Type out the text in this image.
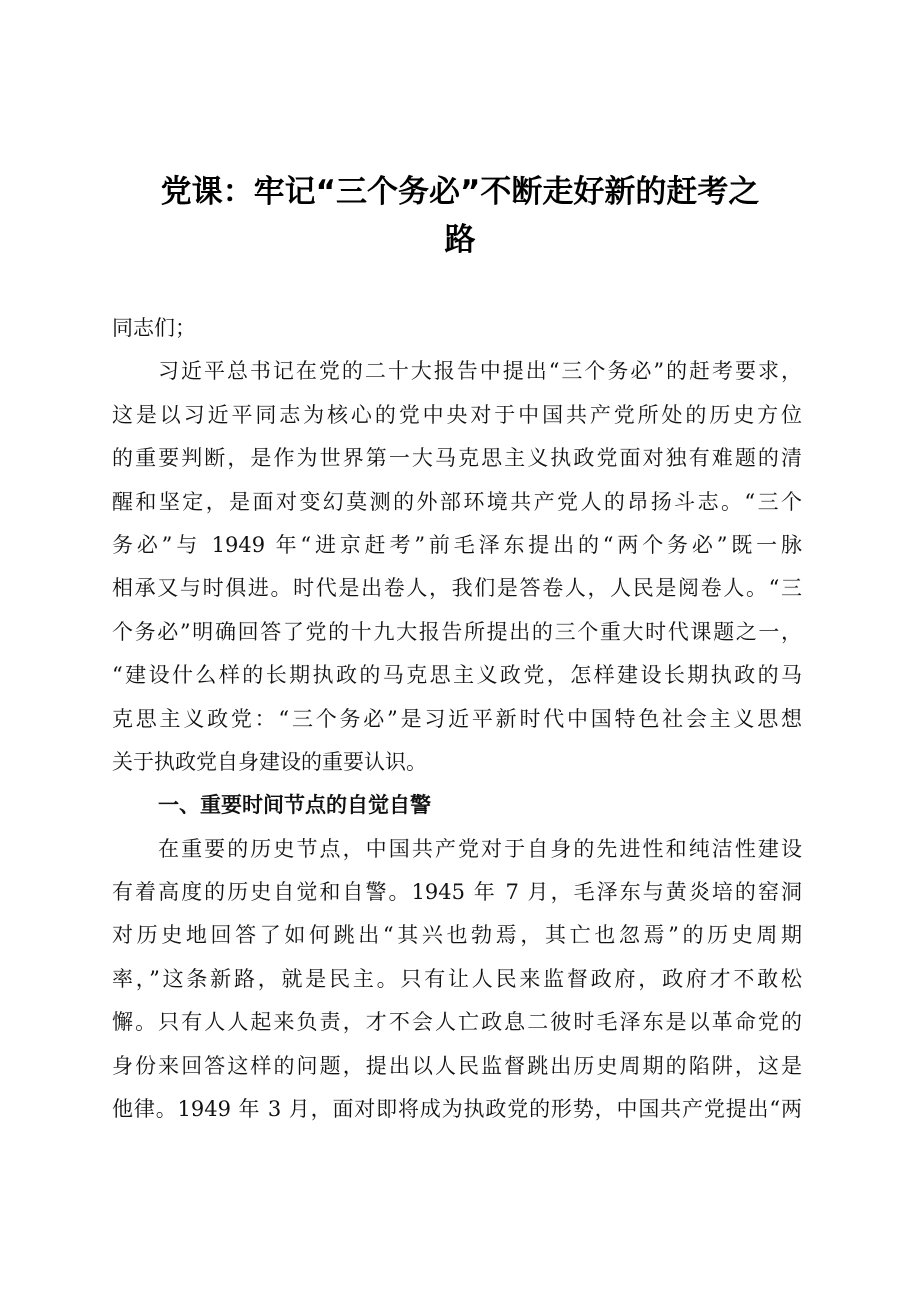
党课：牢记“三个务必”不断走好新的赶考之
路
同志们；
习近平总书记在党的二十大报告中提出“三个务必”的赶考要求，
这是以习近平同志为核心的党中央对于中国共产党所处的历史方位
的重要判断，是作为世界第一大马克思主义执政党面对独有难题的清
醒和坚定，是面对变幻莫测的外部环境共产党人的昂扬斗志。“三个
务必”与 1949 年“进京赶考”前毛泽东提出的“两个务必”既一脉
相承又与时俱进。时代是出卷人，我们是答卷人，人民是阅卷人。“三
个务必”明确回答了党的十九大报告所提出的三个重大时代课题之一，
“建设什么样的长期执政的马克思主义政党，怎样建设长期执政的马
克思主义政党：“三个务必”是习近平新时代中国特色社会主义思想
关于执政党自身建设的重要认识。
一、重要时间节点的自觉自警
在重要的历史节点，中国共产党对于自身的先进性和纯洁性建设
有着高度的历史自觉和自警。1945 年 7 月，毛泽东与黄炎培的窑洞
对历史地回答了如何跳出“其兴也勃焉，其亡也忽焉”的历史周期
率，”这条新路，就是民主。只有让人民来监督政府，政府才不敢松
懈。只有人人起来负责，才不会人亡政息二彼时毛泽东是以革命党的
身份来回答这样的问题，提出以人民监督跳出历史周期的陷阱，这是
他律。1949 年 3 月，面对即将成为执政党的形势，中国共产党提出“两
